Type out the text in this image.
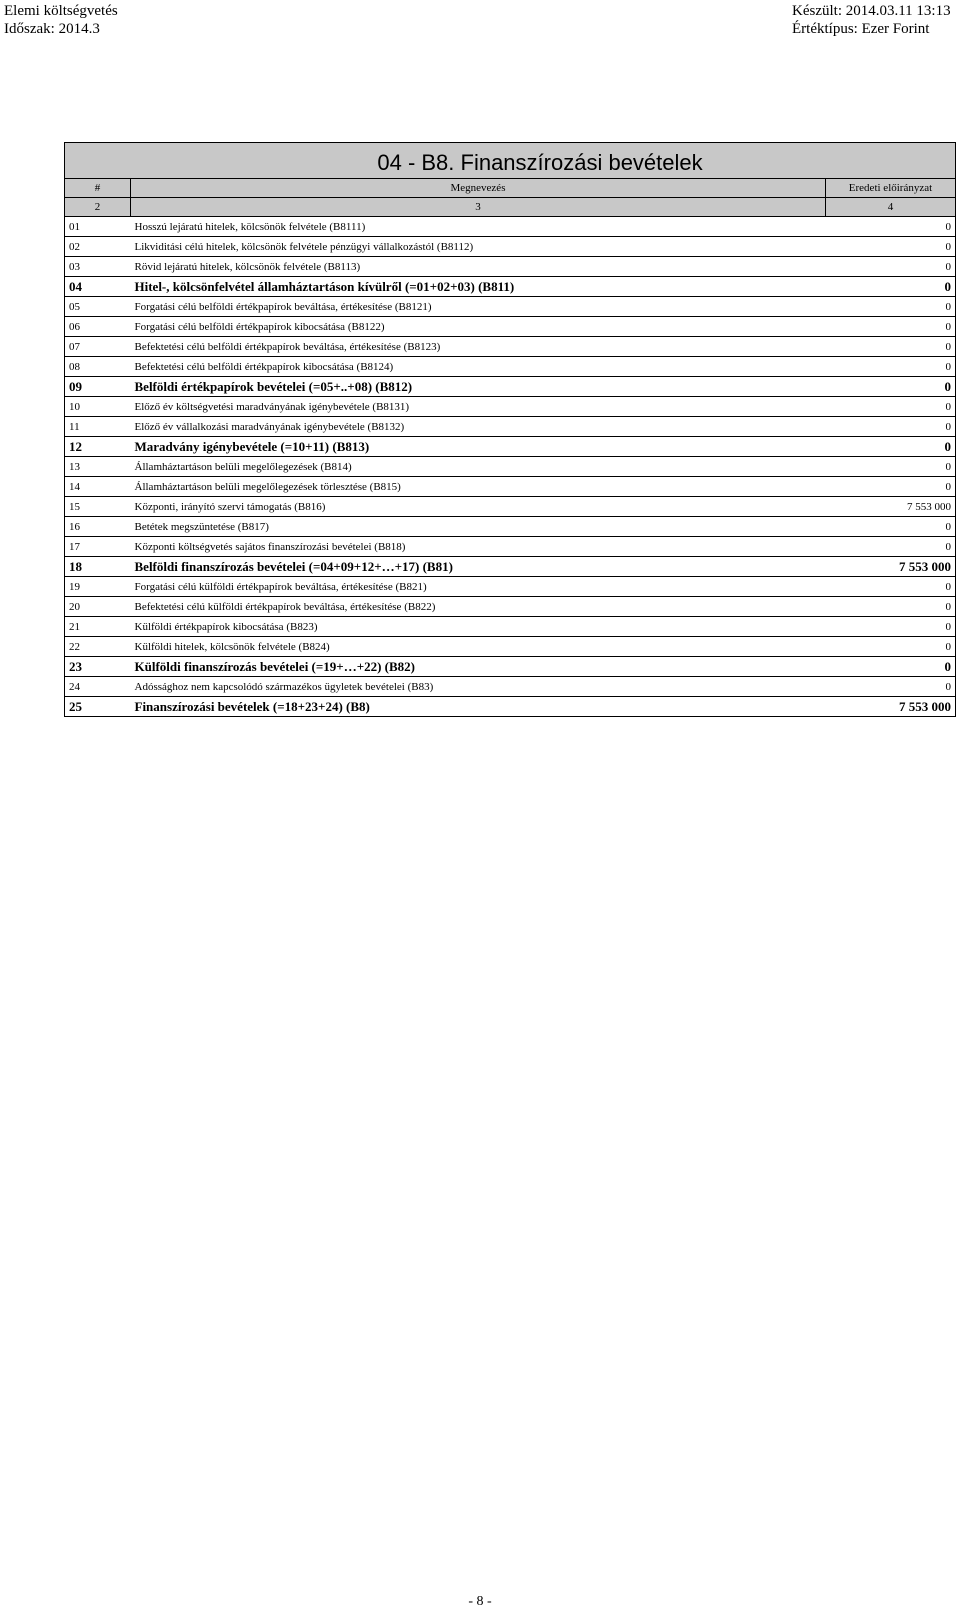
Elemi költségvetés
Időszak: 2014.3
Készült: 2014.03.11 13:13
Értéktípus: Ezer Forint
04 - B8. Finanszírozási bevételek		
#	Megnevezés	Eredeti előirányzat
2	3	4
01	Hosszú lejáratú hitelek, kölcsönök felvétele (B8111)	0
02	Likviditási célú hitelek, kölcsönök felvétele pénzügyi vállalkozástól (B8112)	0
03	Rövid lejáratú hitelek, kölcsönök felvétele (B8113)	0
04	Hitel-, kölcsönfelvétel államháztartáson kívülről (=01+02+03) (B811)	0
05	Forgatási célú belföldi értékpapírok beváltása, értékesítése (B8121)	0
06	Forgatási célú belföldi értékpapírok kibocsátása (B8122)	0
07	Befektetési célú belföldi értékpapírok beváltása, értékesítése (B8123)	0
08	Befektetési célú belföldi értékpapírok kibocsátása (B8124)	0
09	Belföldi értékpapírok bevételei (=05+..+08) (B812)	0
10	Előző év költségvetési maradványának igénybevétele (B8131)	0
11	Előző év vállalkozási maradványának igénybevétele (B8132)	0
12	Maradvány igénybevétele (=10+11) (B813)	0
13	Államháztartáson belüli megelőlegezések (B814)	0
14	Államháztartáson belüli megelőlegezések törlesztése (B815)	0
15	Központi, irányító szervi támogatás (B816)	7 553 000
16	Betétek megszüntetése (B817)	0
17	Központi költségvetés sajátos finanszírozási bevételei (B818)	0
18	Belföldi finanszírozás bevételei (=04+09+12+…+17) (B81)	7 553 000
19	Forgatási célú külföldi értékpapírok beváltása, értékesítése (B821)	0
20	Befektetési célú külföldi értékpapírok beváltása, értékesítése (B822)	0
21	Külföldi értékpapírok kibocsátása (B823)	0
22	Külföldi hitelek, kölcsönök felvétele (B824)	0
23	Külföldi finanszírozás bevételei (=19+…+22) (B82)	0
24	Adóssághoz nem kapcsolódó származékos ügyletek bevételei (B83)	0
25	Finanszírozási bevételek (=18+23+24) (B8)	7 553 000
- 8 -
